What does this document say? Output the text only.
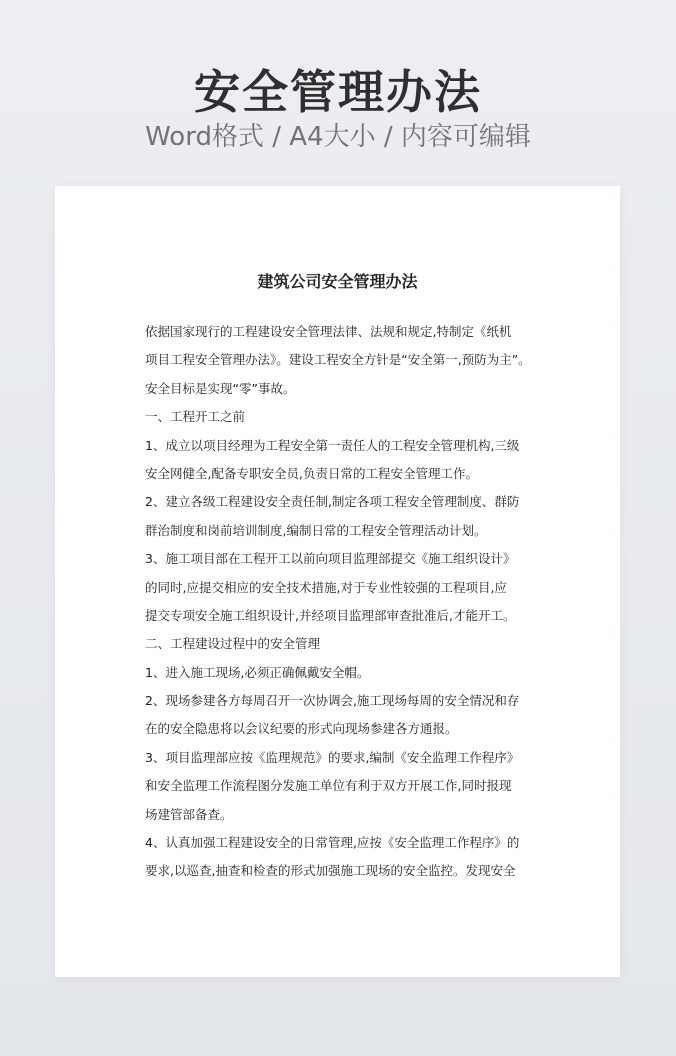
安全管理办法
Word格式 / A4大小 / 内容可编辑
建筑公司安全管理办法
依据国家现行的工程建设安全管理法律、法规和规定,特制定《纸机
项目工程安全管理办法》。建设工程安全方针是“安全第一,预防为主”。
安全目标是实现“零”事故。
一、工程开工之前
1、成立以项目经理为工程安全第一责任人的工程安全管理机构,三级
安全网健全,配备专职安全员,负责日常的工程安全管理工作。
2、建立各级工程建设安全责任制,制定各项工程安全管理制度、群防
群治制度和岗前培训制度,编制日常的工程安全管理活动计划。
3、施工项目部在工程开工以前向项目监理部提交《施工组织设计》
的同时,应提交相应的安全技术措施,对于专业性较强的工程项目,应
提交专项安全施工组织设计,并经项目监理部审查批准后,才能开工。
二、工程建设过程中的安全管理
1、进入施工现场,必须正确佩戴安全帽。
2、现场参建各方每周召开一次协调会,施工现场每周的安全情况和存
在的安全隐患将以会议纪要的形式向现场参建各方通报。
3、项目监理部应按《监理规范》的要求,编制《安全监理工作程序》
和安全监理工作流程图分发施工单位有利于双方开展工作,同时报现
场建管部备查。
4、认真加强工程建设安全的日常管理,应按《安全监理工作程序》的
要求,以巡查,抽查和检查的形式加强施工现场的安全监控。发现安全
